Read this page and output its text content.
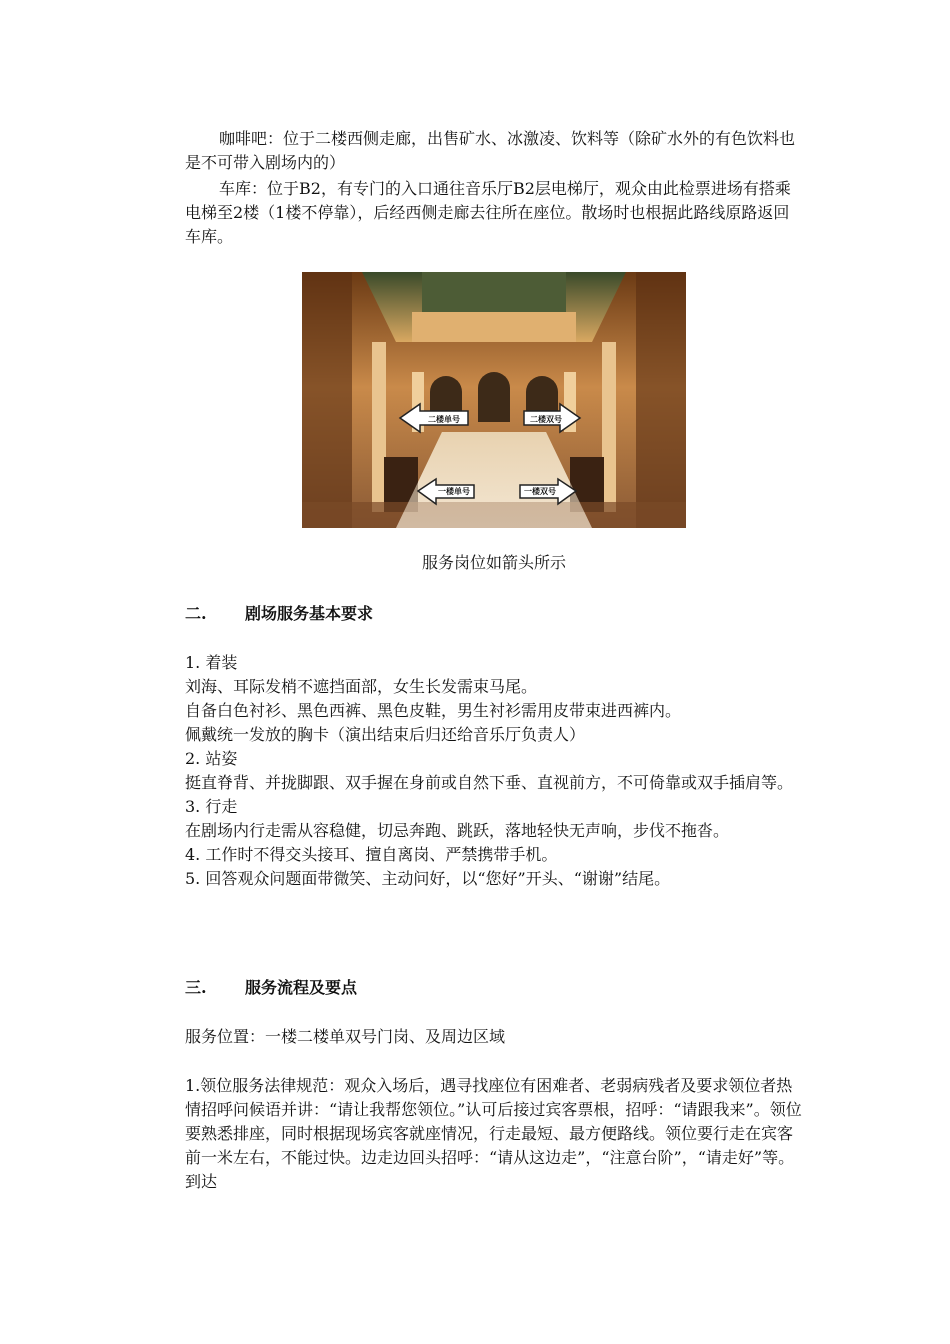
咖啡吧：位于二楼西侧走廊，出售矿水、冰激凌、饮料等（除矿水外的有色饮料也是不可带入剧场内的）

车库：位于B2，有专门的入口通往音乐厅B2层电梯厅，观众由此检票进场有搭乘电梯至2楼（1楼不停靠），后经西侧走廊去往所在座位。散场时也根据此路线原路返回车库。

二楼单号	二楼双号
一楼单号	一楼双号
服务岗位如箭头所示
二. 剧场服务基本要求
1. 着装
刘海、耳际发梢不遮挡面部，女生长发需束马尾。
自备白色衬衫、黑色西裤、黑色皮鞋，男生衬衫需用皮带束进西裤内。
佩戴统一发放的胸卡（演出结束后归还给音乐厅负责人）
2. 站姿
挺直脊背、并拢脚跟、双手握在身前或自然下垂、直视前方，不可倚靠或双手插肩等。
3. 行走
在剧场内行走需从容稳健，切忌奔跑、跳跃，落地轻快无声响，步伐不拖沓。
4. 工作时不得交头接耳、擅自离岗、严禁携带手机。
5. 回答观众问题面带微笑、主动问好，以“您好”开头、“谢谢”结尾。
三. 服务流程及要点

服务位置：一楼二楼单双号门岗、及周边区域

1.领位服务法律规范：观众入场后，遇寻找座位有困难者、老弱病残者及要求领位者热情招呼问候语并讲：“请让我帮您领位。”认可后接过宾客票根，招呼：“请跟我来”。领位要熟悉排座，同时根据现场宾客就座情况，行走最短、最方便路线。领位要行走在宾客前一米左右，不能过快。边走边回头招呼：“请从这边走”，“注意台阶”，“请走好”等。到达
